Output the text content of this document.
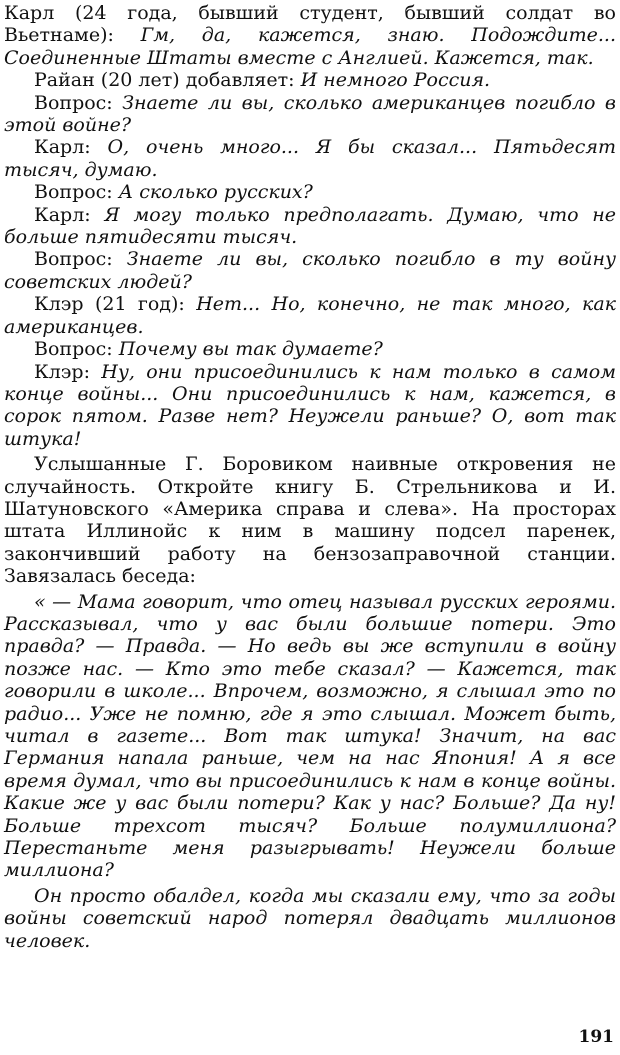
Карл (24 года, бывший студент, бывший солдат во Вьетнаме): Гм, да, кажется, знаю. Подождите... Соединенные Штаты вместе с Англией. Кажется, так.

Райан (20 лет) добавляет: И немного Россия.

Вопрос: Знаете ли вы, сколько американцев погибло в этой войне?

Карл: О, очень много... Я бы сказал... Пятьдесят тысяч, думаю.

Вопрос: А сколько русских?

Карл: Я могу только предполагать. Думаю, что не больше пятидесяти тысяч.

Вопрос: Знаете ли вы, сколько погибло в ту войну советских людей?

Клэр (21 год): Нет... Но, конечно, не так много, как американцев.

Вопрос: Почему вы так думаете?

Клэр: Ну, они присоединились к нам только в самом конце войны... Они присоединились к нам, кажется, в сорок пятом. Разве нет? Неужели раньше? О, вот так штука!

Услышанные Г. Боровиком наивные откровения не случайность. Откройте книгу Б. Стрельникова и И. Шатуновского «Америка справа и слева». На просторах штата Иллинойс к ним в машину подсел паренек, закончивший работу на бензозаправочной станции. Завязалась беседа:

« — Мама говорит, что отец называл русских героями. Рассказывал, что у вас были большие потери. Это правда? — Правда. — Но ведь вы же вступили в войну позже нас. — Кто это тебе сказал? — Кажется, так говорили в школе... Впрочем, возможно, я слышал это по радио... Уже не помню, где я это слышал. Может быть, читал в газете... Вот так штука! Значит, на вас Германия напала раньше, чем на нас Япония! А я все время думал, что вы присоединились к нам в конце войны. Какие же у вас были потери? Как у нас? Больше? Да ну! Больше трехсот тысяч? Больше полумиллиона? Перестаньте меня разыгрывать! Неужели больше миллиона?

Он просто обалдел, когда мы сказали ему, что за годы войны советский народ потерял двадцать миллионов человек.

191
